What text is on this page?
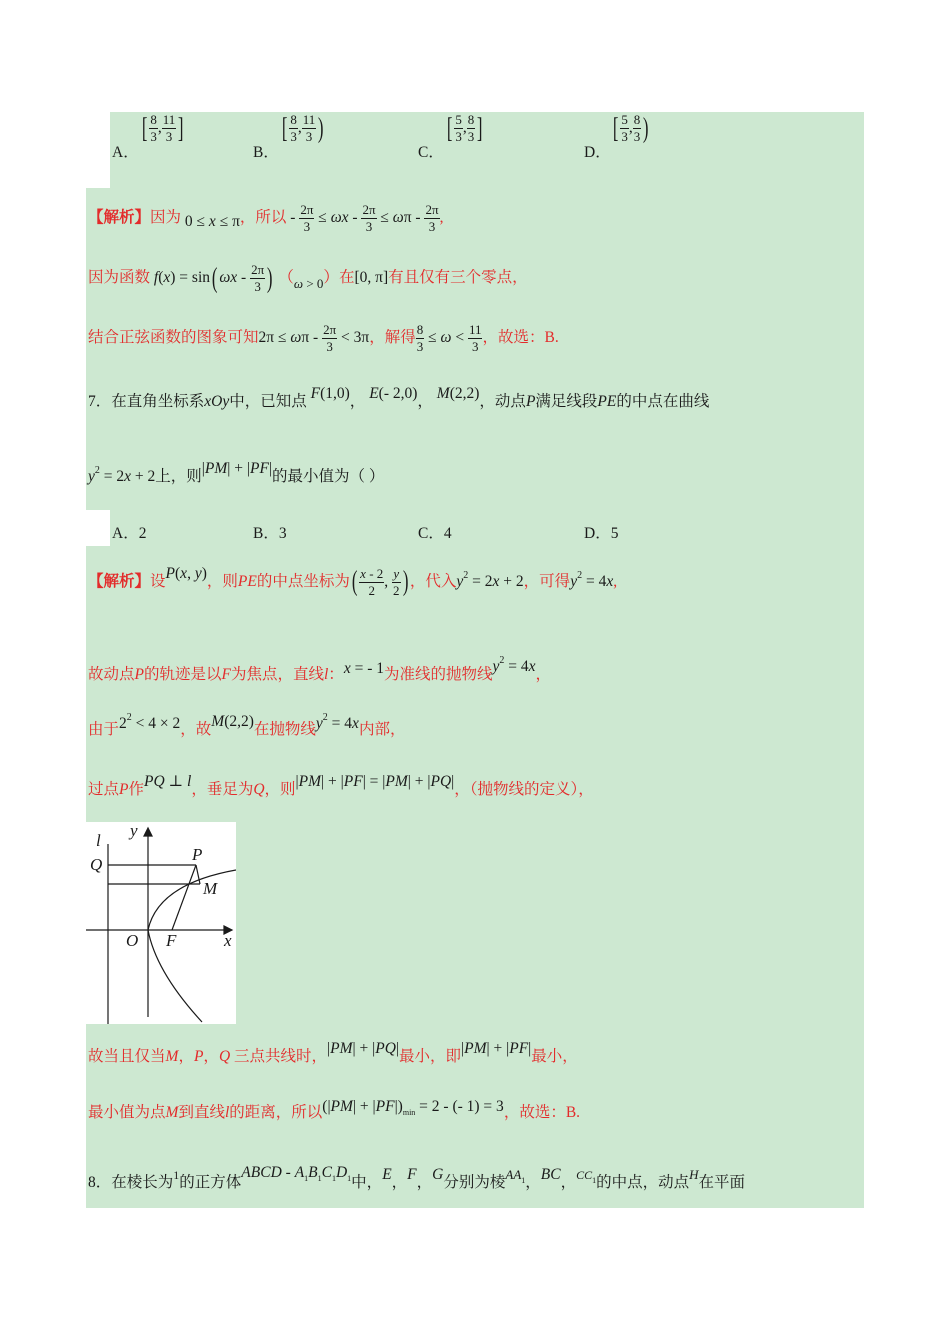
A．
[ $\frac{8}{3}$ , $\frac{11}{3}$ ]
B．
[ $\frac{8}{3}$ , $\frac{11}{3}$ )
C．
[ $\frac{5}{3}$ , $\frac{8}{3}$ ]
D．
[ $\frac{5}{3}$ , $\frac{8}{3}$ )
【解析】因为 0 ≤ x ≤ π，所以 - $\frac{2\pi}{3} \le \omega x - \frac{2\pi}{3} \le \omega\pi - \frac{2\pi}{3}$ ,
因为函数 f(x) = sin( ωx - $\frac{2\pi}{3}$ ) $(_{\omega > 0})$在[0, π]有且仅有三个零点，
结合正弦函数的图象可知$2\pi \le \omega\pi - \frac{2\pi}{3} < 3\pi$，解得 $\frac{8}{3} \le \omega < \frac{11}{3}$ ，故选：B.
7．在直角坐标系xOy中，已知点 F(1,0)， E(- 2,0)， M(2,2)，动点P满足线段PE的中点在曲线
$y^2 = 2x + 2$上，则|PM| + |PF|的最小值为（ ）
A．2	B．3	C．4	D．5
【解析】设P(x, y)，则PE的中点坐标为( $\frac{x - 2}{2}$ , $\frac{y}{2}$ ) ，代入$y^2 = 2x + 2$，可得$y^2 = 4x$,
故动点P的轨迹是以F为焦点，直线l：x = - 1为准线的抛物线$y^2 = 4x$，
由于$2^2 < 4 \times 2$，故M(2,2)在抛物线$y^2 = 4x$内部，
过点P作PQ ⊥ l，垂足为Q，则|PM| + |PF| = |PM| + |PQ|，（抛物线的定义），
l
y
Q
P
M
O F	x
故当且仅当M，P，Q 三点共线时，|PM| + |PQ|最小，即|PM| + |PF|最小，
最小值为点M到直线l的距离，所以$(|PM| + |PF|)_{min} = 2$ - (- 1) = 3，故选：B.
8．在棱长为$^1$的正方体ABCD - $A_1B_1C_1D_1$中，E，F，G分别为棱$^{AA_1}$，BC，$^{CC_1}$的中点，动点$^H$在平面
